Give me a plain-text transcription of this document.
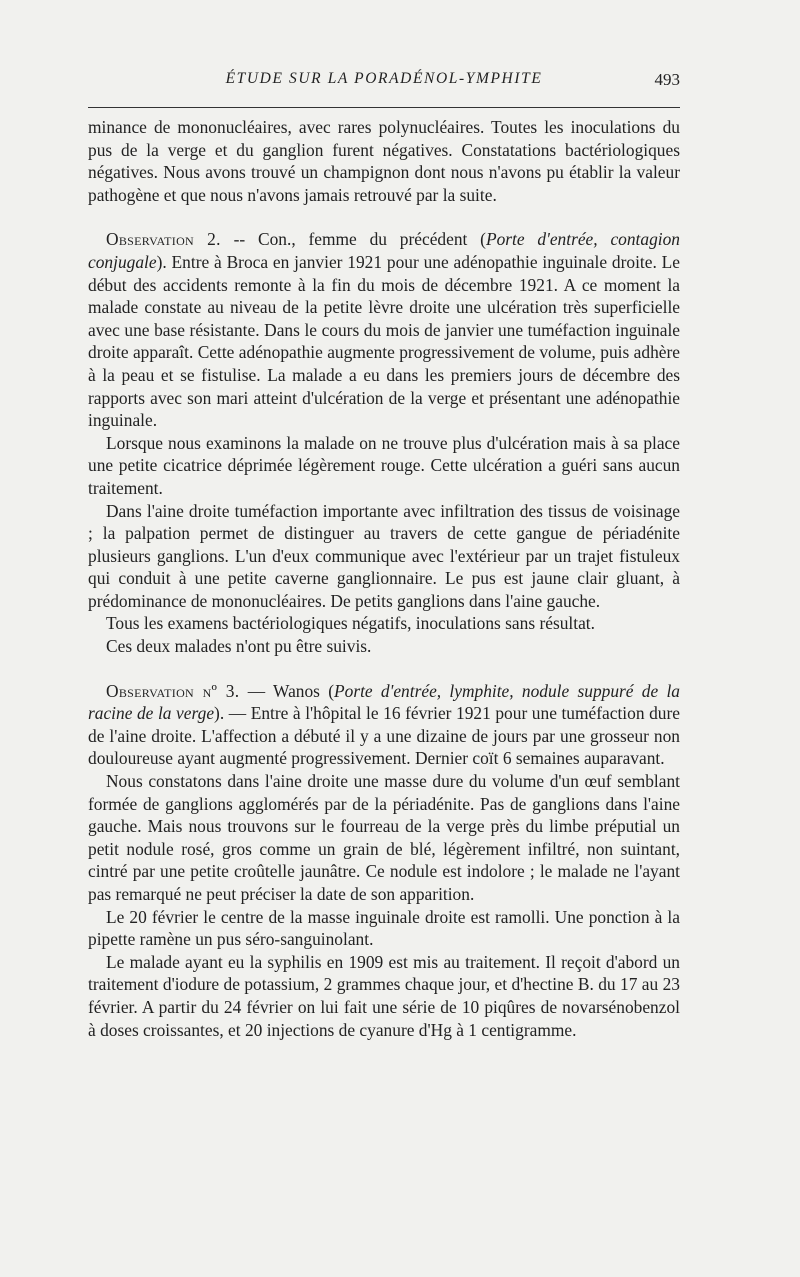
ÉTUDE SUR LA PORADÉNOL-YMPHITE	493

minance de mononucléaires, avec rares polynucléaires. Toutes les inoculations du pus de la verge et du ganglion furent négatives. Constatations bactériologiques négatives. Nous avons trouvé un champignon dont nous n'avons pu établir la valeur pathogène et que nous n'avons jamais retrouvé par la suite.

Observation 2. -- Con., femme du précédent (Porte d'entrée, contagion conjugale). Entre à Broca en janvier 1921 pour une adénopathie inguinale droite. Le début des accidents remonte à la fin du mois de décembre 1921. A ce moment la malade constate au niveau de la petite lèvre droite une ulcération très superficielle avec une base résistante. Dans le cours du mois de janvier une tuméfaction inguinale droite apparaît. Cette adénopathie augmente progressivement de volume, puis adhère à la peau et se fistulise. La malade a eu dans les premiers jours de décembre des rapports avec son mari atteint d'ulcération de la verge et présentant une adénopathie inguinale.

Lorsque nous examinons la malade on ne trouve plus d'ulcération mais à sa place une petite cicatrice déprimée légèrement rouge. Cette ulcération a guéri sans aucun traitement.

Dans l'aine droite tuméfaction importante avec infiltration des tissus de voisinage ; la palpation permet de distinguer au travers de cette gangue de périadénite plusieurs ganglions. L'un d'eux communique avec l'extérieur par un trajet fistuleux qui conduit à une petite caverne ganglionnaire. Le pus est jaune clair gluant, à prédominance de mononucléaires. De petits ganglions dans l'aine gauche.

Tous les examens bactériologiques négatifs, inoculations sans résultat.

Ces deux malades n'ont pu être suivis.

Observation nº 3. — Wanos (Porte d'entrée, lymphite, nodule suppuré de la racine de la verge). — Entre à l'hôpital le 16 février 1921 pour une tuméfaction dure de l'aine droite. L'affection a débuté il y a une dizaine de jours par une grosseur non douloureuse ayant augmenté progressivement. Dernier coït 6 semaines auparavant.

Nous constatons dans l'aine droite une masse dure du volume d'un œuf semblant formée de ganglions agglomérés par de la périadénite. Pas de ganglions dans l'aine gauche. Mais nous trouvons sur le fourreau de la verge près du limbe préputial un petit nodule rosé, gros comme un grain de blé, légèrement infiltré, non suintant, cintré par une petite croûtelle jaunâtre. Ce nodule est indolore ; le malade ne l'ayant pas remarqué ne peut préciser la date de son apparition.

Le 20 février le centre de la masse inguinale droite est ramolli. Une ponction à la pipette ramène un pus séro-sanguinolant.

Le malade ayant eu la syphilis en 1909 est mis au traitement. Il reçoit d'abord un traitement d'iodure de potassium, 2 grammes chaque jour, et d'hectine B. du 17 au 23 février. A partir du 24 février on lui fait une série de 10 piqûres de novarsénobenzol à doses croissantes, et 20 injections de cyanure d'Hg à 1 centigramme.
